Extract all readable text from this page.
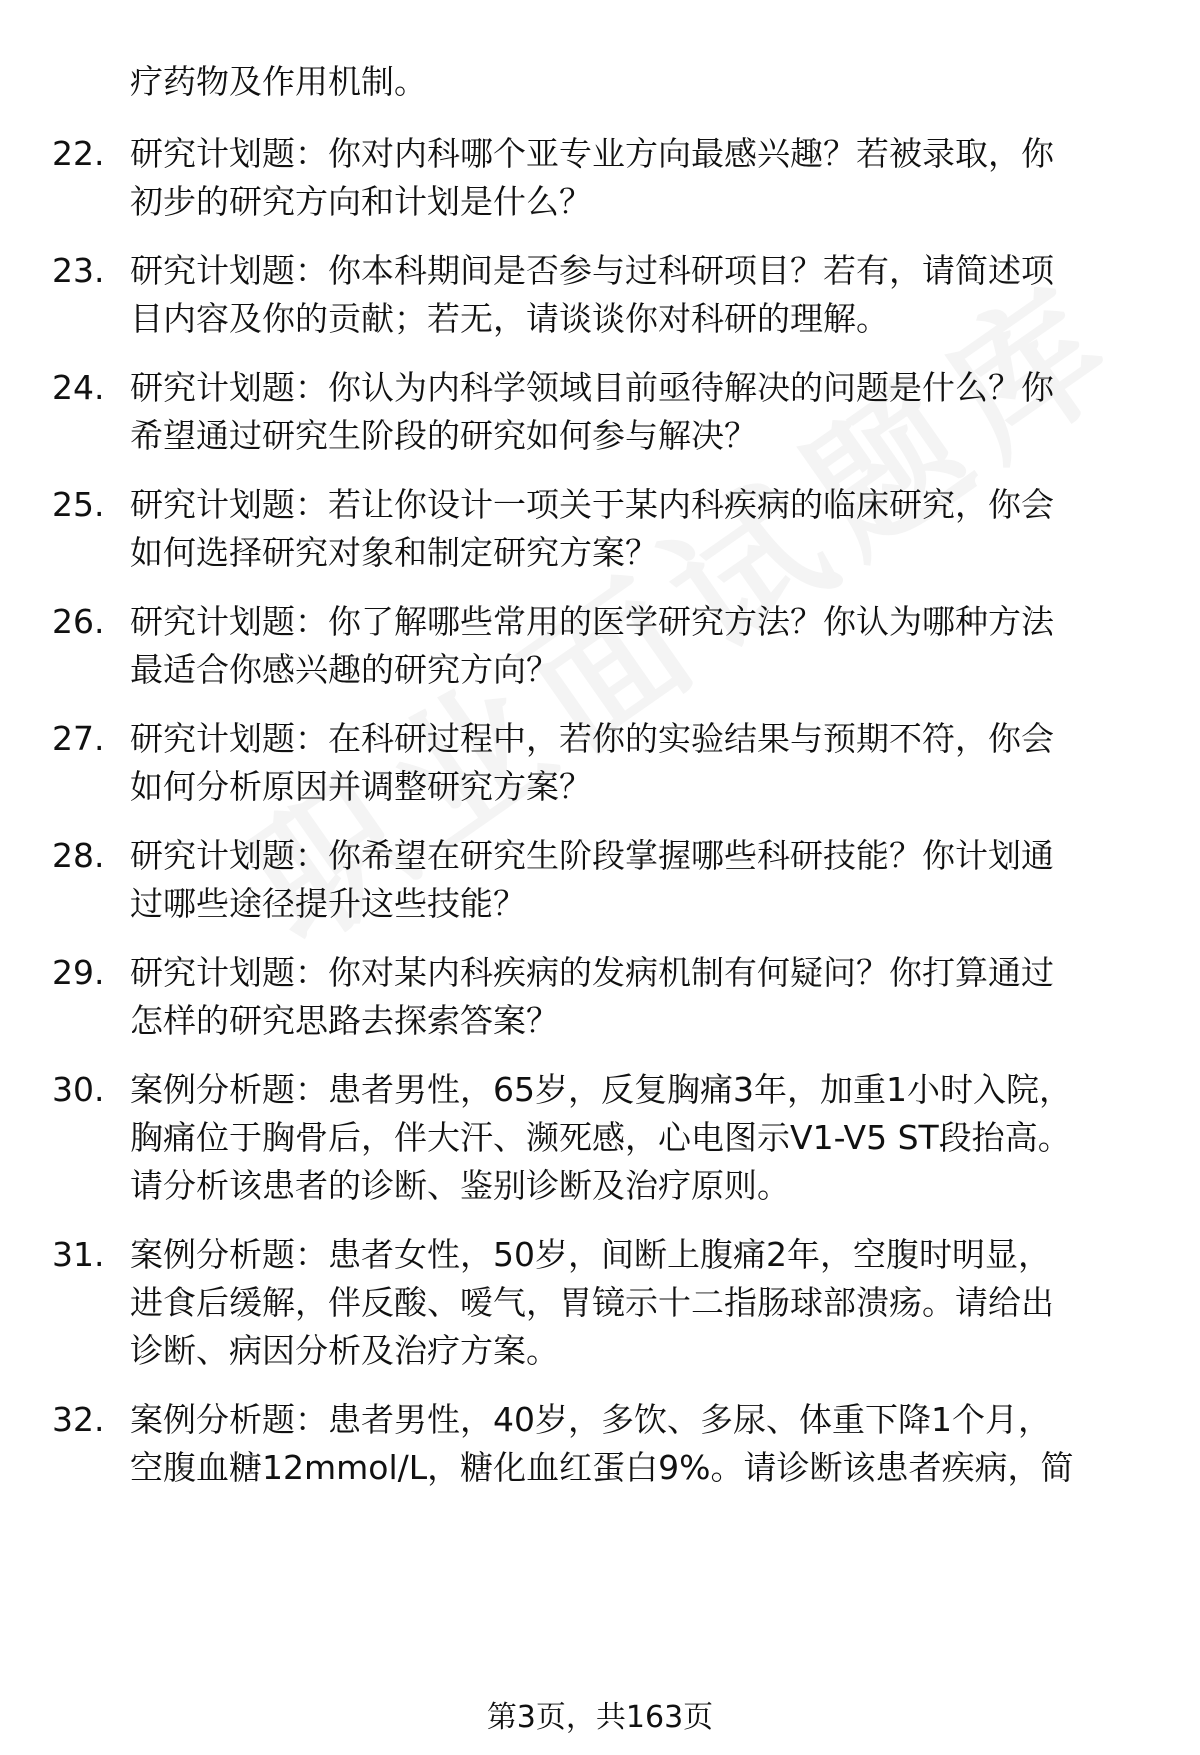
疗药物及作用机制。
22. 研究计划题：你对内科哪个亚专业方向最感兴趣？若被录取，你
初步的研究方向和计划是什么？
23. 研究计划题：你本科期间是否参与过科研项目？若有，请简述项
目内容及你的贡献；若无，请谈谈你对科研的理解。
24. 研究计划题：你认为内科学领域目前亟待解决的问题是什么？你
希望通过研究生阶段的研究如何参与解决？
25. 研究计划题：若让你设计一项关于某内科疾病的临床研究，你会
如何选择研究对象和制定研究方案？
26. 研究计划题：你了解哪些常用的医学研究方法？你认为哪种方法
最适合你感兴趣的研究方向？
27. 研究计划题：在科研过程中，若你的实验结果与预期不符，你会
如何分析原因并调整研究方案？
28. 研究计划题：你希望在研究生阶段掌握哪些科研技能？你计划通
过哪些途径提升这些技能？
29. 研究计划题：你对某内科疾病的发病机制有何疑问？你打算通过
怎样的研究思路去探索答案？
30. 案例分析题：患者男性，65岁，反复胸痛3年，加重1小时入院，
胸痛位于胸骨后，伴大汗、濒死感，心电图示V1-V5 ST段抬高。
请分析该患者的诊断、鉴别诊断及治疗原则。
31. 案例分析题：患者女性，50岁，间断上腹痛2年，空腹时明显，
进食后缓解，伴反酸、嗳气，胃镜示十二指肠球部溃疡。请给出
诊断、病因分析及治疗方案。
32. 案例分析题：患者男性，40岁，多饮、多尿、体重下降1个月，
空腹血糖12mmol/L，糖化血红蛋白9%。请诊断该患者疾病，简
第3页，共163页
